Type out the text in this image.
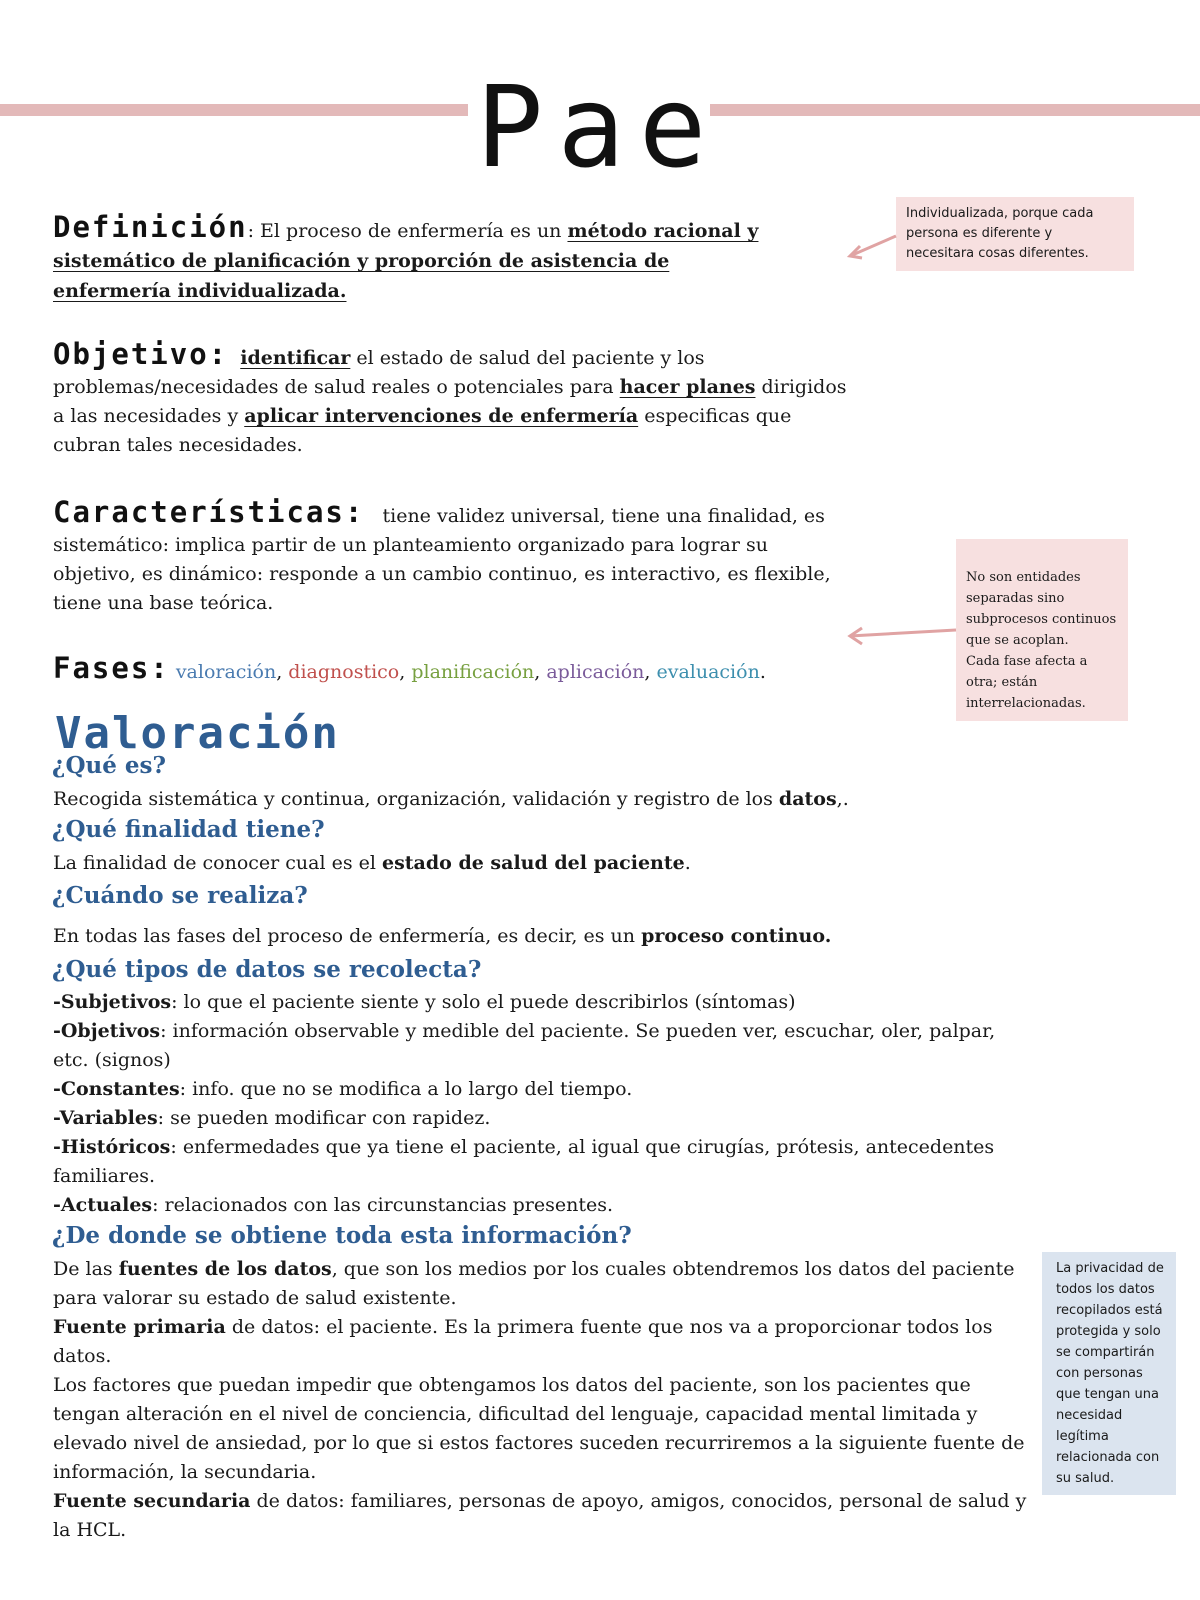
Pae

Definición: El proceso de enfermería es un método racional y sistemático de planificación y proporción de asistencia de enfermería individualizada.

Objetivo: identificar el estado de salud del paciente y los problemas/necesidades de salud reales o potenciales para hacer planes dirigidos a las necesidades y aplicar intervenciones de enfermería especificas que cubran tales necesidades.

Características: tiene validez universal, tiene una finalidad, es sistemático: implica partir de un planteamiento organizado para lograr su objetivo, es dinámico: responde a un cambio continuo, es interactivo, es flexible, tiene una base teórica.

Fases: valoración, diagnostico, planificación, aplicación, evaluación.

Valoración
¿Qué es?

Recogida sistemática y continua, organización, validación y registro de los datos,.

¿Qué finalidad tiene?

La finalidad de conocer cual es el estado de salud del paciente.

¿Cuándo se realiza?

En todas las fases del proceso de enfermería, es decir, es un proceso continuo.

¿Qué tipos de datos se recolecta?
-Subjetivos: lo que el paciente siente y solo el puede describirlos (síntomas)
-Objetivos: información observable y medible del paciente. Se pueden ver, escuchar, oler, palpar, etc. (signos)
-Constantes: info. que no se modifica a lo largo del tiempo.
-Variables: se pueden modificar con rapidez.
-Históricos: enfermedades que ya tiene el paciente, al igual que cirugías, prótesis, antecedentes familiares.
-Actuales: relacionados con las circunstancias presentes.
¿De donde se obtiene toda esta información?
De las fuentes de los datos, que son los medios por los cuales obtendremos los datos del paciente para valorar su estado de salud existente.
Fuente primaria de datos: el paciente. Es la primera fuente que nos va a proporcionar todos los datos.
Los factores que puedan impedir que obtengamos los datos del paciente, son los pacientes que tengan alteración en el nivel de conciencia, dificultad del lenguaje, capacidad mental limitada y elevado nivel de ansiedad, por lo que si estos factores suceden recurriremos a la siguiente fuente de información, la secundaria.
Fuente secundaria de datos: familiares, personas de apoyo, amigos, conocidos, personal de salud y la HCL.
Individualizada, porque cada persona es diferente y necesitara cosas diferentes.

No son entidades separadas sino subprocesos continuos que se acoplan.
Cada fase afecta a otra; están interrelacionadas.

La privacidad de todos los datos recopilados está protegida y solo se compartirán con personas que tengan una necesidad legítima relacionada con su salud.
